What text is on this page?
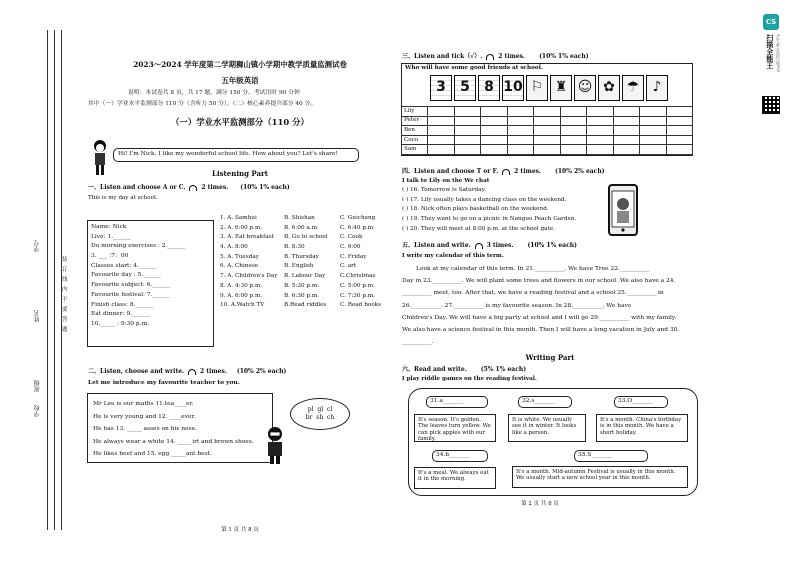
学号
姓名
班级
学校
装
订
线
内
不
要
答
题
2023～2024 学年度第二学期狮山镇小学期中教学质量监测试卷
五年级英语
说明：本试卷共 8 页，共 17 题，满分 150 分，考试用时 90 分钟
其中（一）学业水平监测部分 110 分（含听力 50 分），（二）核心素养提升部分 40 分。
（一）学业水平监测部分（110 分）
Hi! I'm Nick. I like my wonderful school life. How about you? Let's share!
Listening Part
一、Listen and choose A or C.	2 times. (10% 1% each)
This is my day at school.
Name: Nick
Live: 1.______
Do morning exercises : 2.______
3. ___ :7：00
Classes start: 4.______
Favourite day : 5.______
Favourite subject: 6.______
Favourite festival: 7.______
Finish class: 8.______
Eat dinner: 9.______
10._____ : 9:30 p.m.
1. A. Samhui	B. Shishan	C. Guicheng
2. A. 6:00 p.m.	B. 6:00 a.m.	C. 6:40 p.m.
3. A. Eat breakfast B. Go to school C. Cook
4. A. 8:00	B. 8:30	C. 9:00
5. A. Tuesday	B. Thursday	C. Friday
6. A. Chinese	B. English	C. art
7. A. Children's Day B. Labour Day	C.Christmas
8. A. 4:30 p.m.	B. 5:30 p.m.	C. 5:00 p.m.
9. A. 6:00 p.m.	B. 6:30 p.m.	C. 7:30 p.m.
10. A.Watch TV	B.Read riddles C. Read books
二、Listen, choose and write.	2 times. (10% 2% each)
Let me introduce my favourite teacher to you.
Mr Lee is our maths 11.tea____er.
He is very young and 12. ____ever.
He has 13. _____ asses on his nose.
He always wear a white 14. _____irt and brown shoes.
He likes beef and 15. egg _____ant best.
pl gl cl
br sh ch
第 1 页 共 8 页
三、Listen and tick（√）.	2 times. (10% 1% each)
Who will have some good friends at school.
3	5	8 10 ⚐ ♜ ☺ ✿ ☂ ♪
Lily										
Peter										
Ben										
Coco										
Sam										
四、Listen and choose T or F.	2 times. (10% 2% each)
I talk to Lily on the We chat
( ) 16. Tomorrow is Saturday.
( ) 17. Lily usually takes a dancing class on the weekend.
( ) 18. Nick often plays basketball on the weekend.
( ) 19. They want to go on a picnic in Nanguo Peach Garden.
( ) 20. They will meet at 8:00 p.m. at the school gate.
五、Listen and write.	3 times. (10% 1% each)
I write my calendar of this term.
Look at my calendar of this term. In 21.__________, We have Tree 22.__________
Day in 23.__________. We will plant some trees and flowers in our school. We also have a 24.
__________ meet, too. After that, we have a reading festival and a school 25.__________ in
26.__________. 27.__________ is my favourite season. In 28.__________, We have
Children's Day. We will have a big party at school and I will go 29.__________ with my family.
We also have a science festival in this month. Then I will have a long vacation in July and 30.
__________.
Writing Part
六、Read and write. (5% 1% each)
I play riddle games on the reading festival.
31.a_______	32.s_______	33.O_______
It's season. It's golden. The leaves turn yellow. We can pick apples with our family.
It is white. We usually see it in winter. It looks like a person.
It's a month. China's birthday is in this month. We have a short holiday.
34.b_______	35.S_______
It's a meal. We always eat it in the morning.
It's a month. Mid-autumn Festival is usually in this month. We usually start a new school year in this month.
第 2 页 共 8 页
CS
扫描全能王 3亿人都在用的扫描App
